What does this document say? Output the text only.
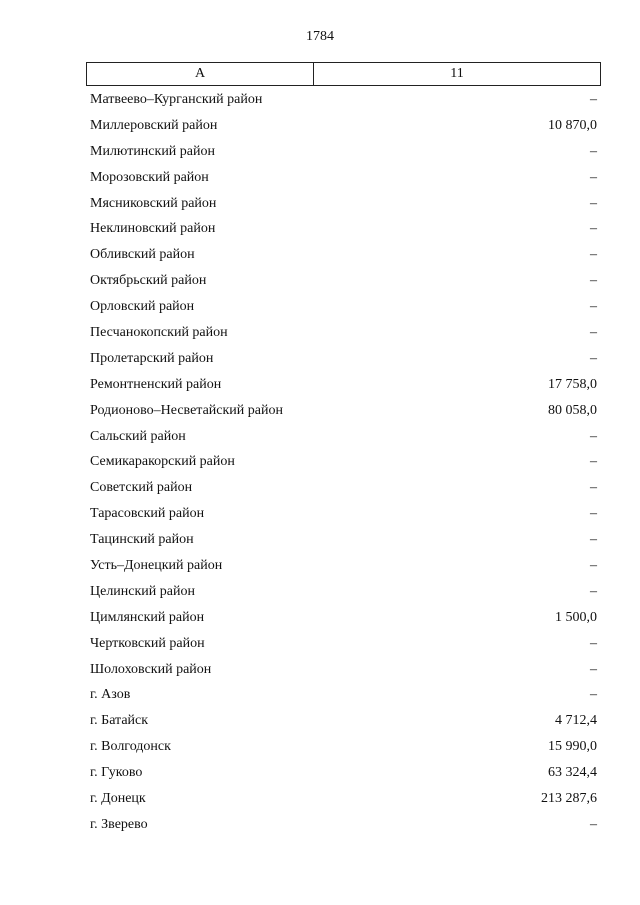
1784
А	11
Матвеево–Курганский район	–
Миллеровский район	10 870,0
Милютинский район	–
Морозовский район	–
Мясниковский район	–
Неклиновский район	–
Обливский район	–
Октябрьский район	–
Орловский район	–
Песчанокопский район	–
Пролетарский район	–
Ремонтненский район	17 758,0
Родионово–Несветайский район	80 058,0
Сальский район	–
Семикаракорский район	–
Советский район	–
Тарасовский район	–
Тацинский район	–
Усть–Донецкий район	–
Целинский район	–
Цимлянский район	1 500,0
Чертковский район	–
Шолоховский район	–
г. Азов	–
г. Батайск	4 712,4
г. Волгодонск	15 990,0
г. Гуково	63 324,4
г. Донецк	213 287,6
г. Зверево	–
